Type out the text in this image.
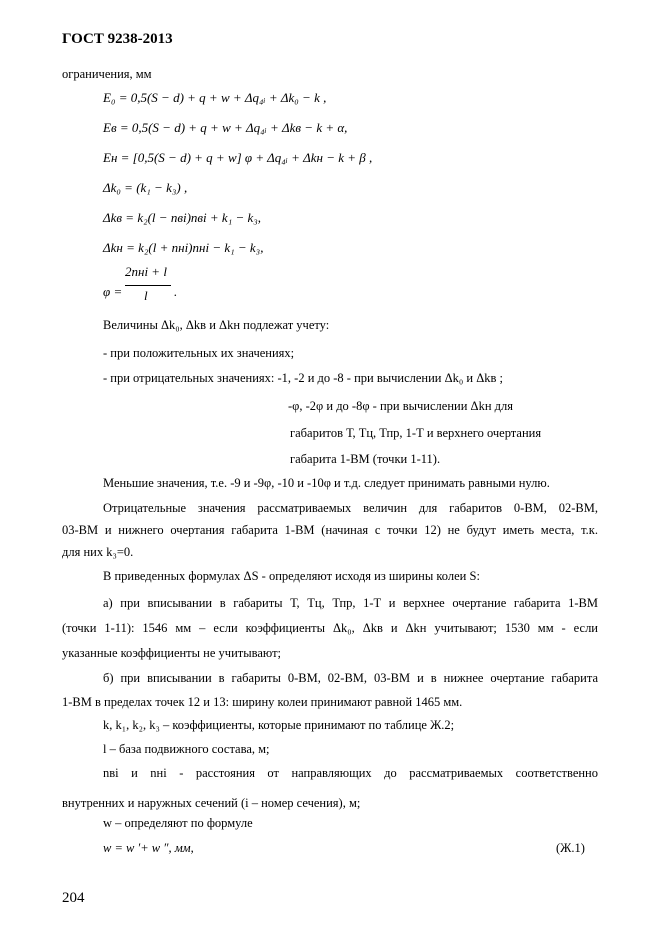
ГОСТ 9238-2013
ограничения, мм
E₀ = 0,5(S − d) + q + w + Δq₄ᵢ + Δk₀ − k ,
Eв = 0,5(S − d) + q + w + Δq₄ᵢ + Δkв − k + α,
Eн = [0,5(S − d) + q + w] φ + Δq₄ᵢ + Δkн − k + β ,
Δk₀ = (k₁ − k₃) ,
Δkв = k₂(l − nвi)nвi + k₁ − k₃,
Δkн = k₂(l + nнi)nнi − k₁ − k₃,
φ =
2nнi + l
l .
Величины Δk₀, Δkв и Δkн подлежат учету:
- при положительных их значениях;
- при отрицательных значениях: -1, -2 и до -8 - при вычислении Δk₀ и Δkв ;
-φ, -2φ и до -8φ - при вычислении Δkн для
габаритов Т, Тц, Тпр, 1-Т и верхнего очертания
габарита 1-ВМ (точки 1-11).
Меньшие значения, т.е. -9 и -9φ, -10 и -10φ и т.д. следует принимать равными нулю.
Отрицательные значения рассматриваемых величин для габаритов 0-ВМ, 02-ВМ,
03-ВМ и нижнего очертания габарита 1-ВМ (начиная с точки 12) не будут иметь места, т.к.
для них k₃=0.
В приведенных формулах ΔS - определяют исходя из ширины колеи S:
а) при вписывании в габариты Т, Тц, Тпр, 1-Т и верхнее очертание габарита 1-ВМ
(точки 1-11): 1546 мм – если коэффициенты Δk₀, Δkв и Δkн учитывают; 1530 мм - если
указанные коэффициенты не учитывают;
б) при вписывании в габариты 0-ВМ, 02-ВМ, 03-ВМ и в нижнее очертание габарита
1-ВМ в пределах точек 12 и 13: ширину колеи принимают равной 1465 мм.
k, k₁, k₂, k₃ – коэффициенты, которые принимают по таблице Ж.2;
l – база подвижного состава, м;
nвi и nнi - расстояния от направляющих до рассматриваемых соответственно
внутренних и наружных сечений (i – номер сечения), м;
w – определяют по формуле
w = w ′+ w ″, мм,	(Ж.1)
204
